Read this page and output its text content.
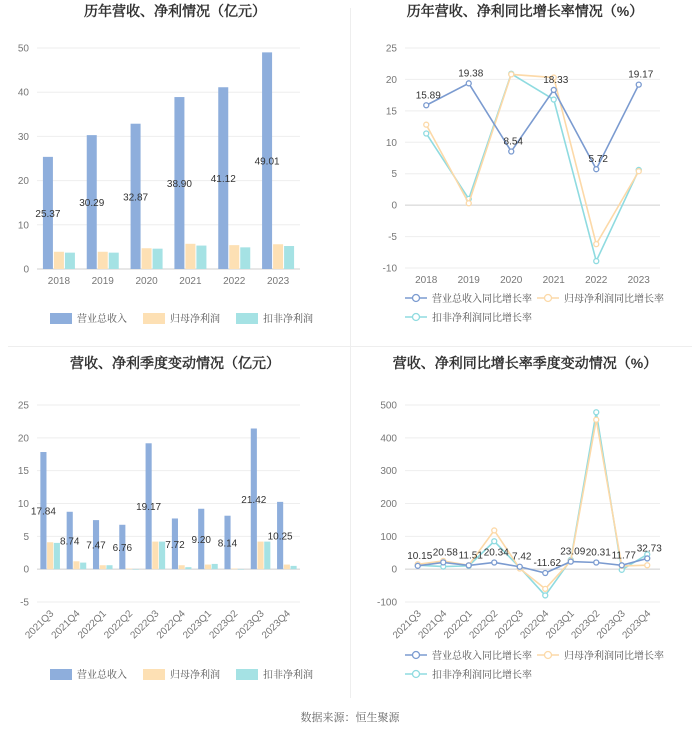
历年营收、净利情况（亿元）
0
10
20
30
40
50
2018 2019 2020 2021 2022 2023
25.37
30.29
32.87
38.90 41.12
49.01
营业总收入	归母净利润	扣非净利润
历年营收、净利同比增长率情况（%）
-10
-5
0
5
10
15
20
25
2018 2019 2020 2021 2022 2023
15.89
19.38
8.54
18.33
5.72
19.17
营业总收入同比增长率	归母净利润同比增长率
扣非净利润同比增长率
营收、净利季度变动情况（亿元）
-5
0
5
10
15
20
25
2021Q3
2021Q4
2022Q1
2022Q2
2022Q3
2022Q4
2023Q1
2023Q2
2023Q3
2023Q4
17.84
8.74 7.47 6.76
19.17
7.72 9.20 8.14
21.42
10.25
营业总收入	归母净利润	扣非净利润
营收、净利同比增长率季度变动情况（%）
-100
0
100
200
300
400
500
2021Q3
2021Q4
2022Q1
2022Q2
2022Q3
2022Q4
2023Q1
2023Q2
2023Q3
2023Q4
10.15 20.58 11.51 20.34 7.42
-11.62
23.09 20.31 11.77
32.73
营业总收入同比增长率	归母净利润同比增长率
扣非净利润同比增长率
数据来源：恒生聚源
